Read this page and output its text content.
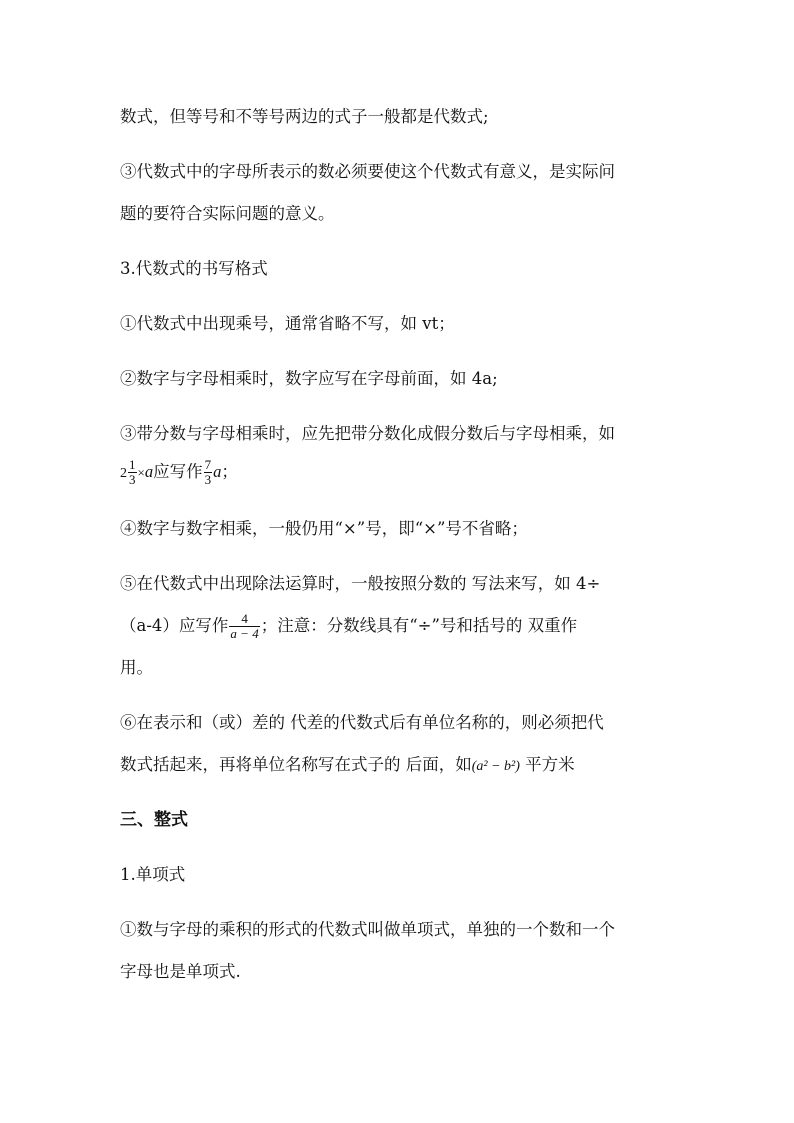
数式，但等号和不等号两边的式子一般都是代数式;
③代数式中的字母所表示的数必须要使这个代数式有意义，是实际问
题的要符合实际问题的意义。
3.代数式的书写格式
①代数式中出现乘号，通常省略不写，如 vt；
②数字与字母相乘时，数字应写在字母前面，如 4a;
③带分数与字母相乘时，应先把带分数化成假分数后与字母相乘，如
$2 \frac{1}{3} \times a$应写作 $\frac{7}{3}$ a；
④数字与数字相乘，一般仍用“×”号，即“×”号不省略；
⑤在代数式中出现除法运算时，一般按照分数的 写法来写，如 4÷
（a-4）应写作 $\frac{4}{a - 4}$ ；注意：分数线具有“÷”号和括号的 双重作
用。
⑥在表示和（或）差的 代差的代数式后有单位名称的，则必须把代
数式括起来，再将单位名称写在式子的 后面，如(a² − b²) 平方米
三、整式
1.单项式
①数与字母的乘积的形式的代数式叫做单项式，单独的一个数和一个
字母也是单项式.
